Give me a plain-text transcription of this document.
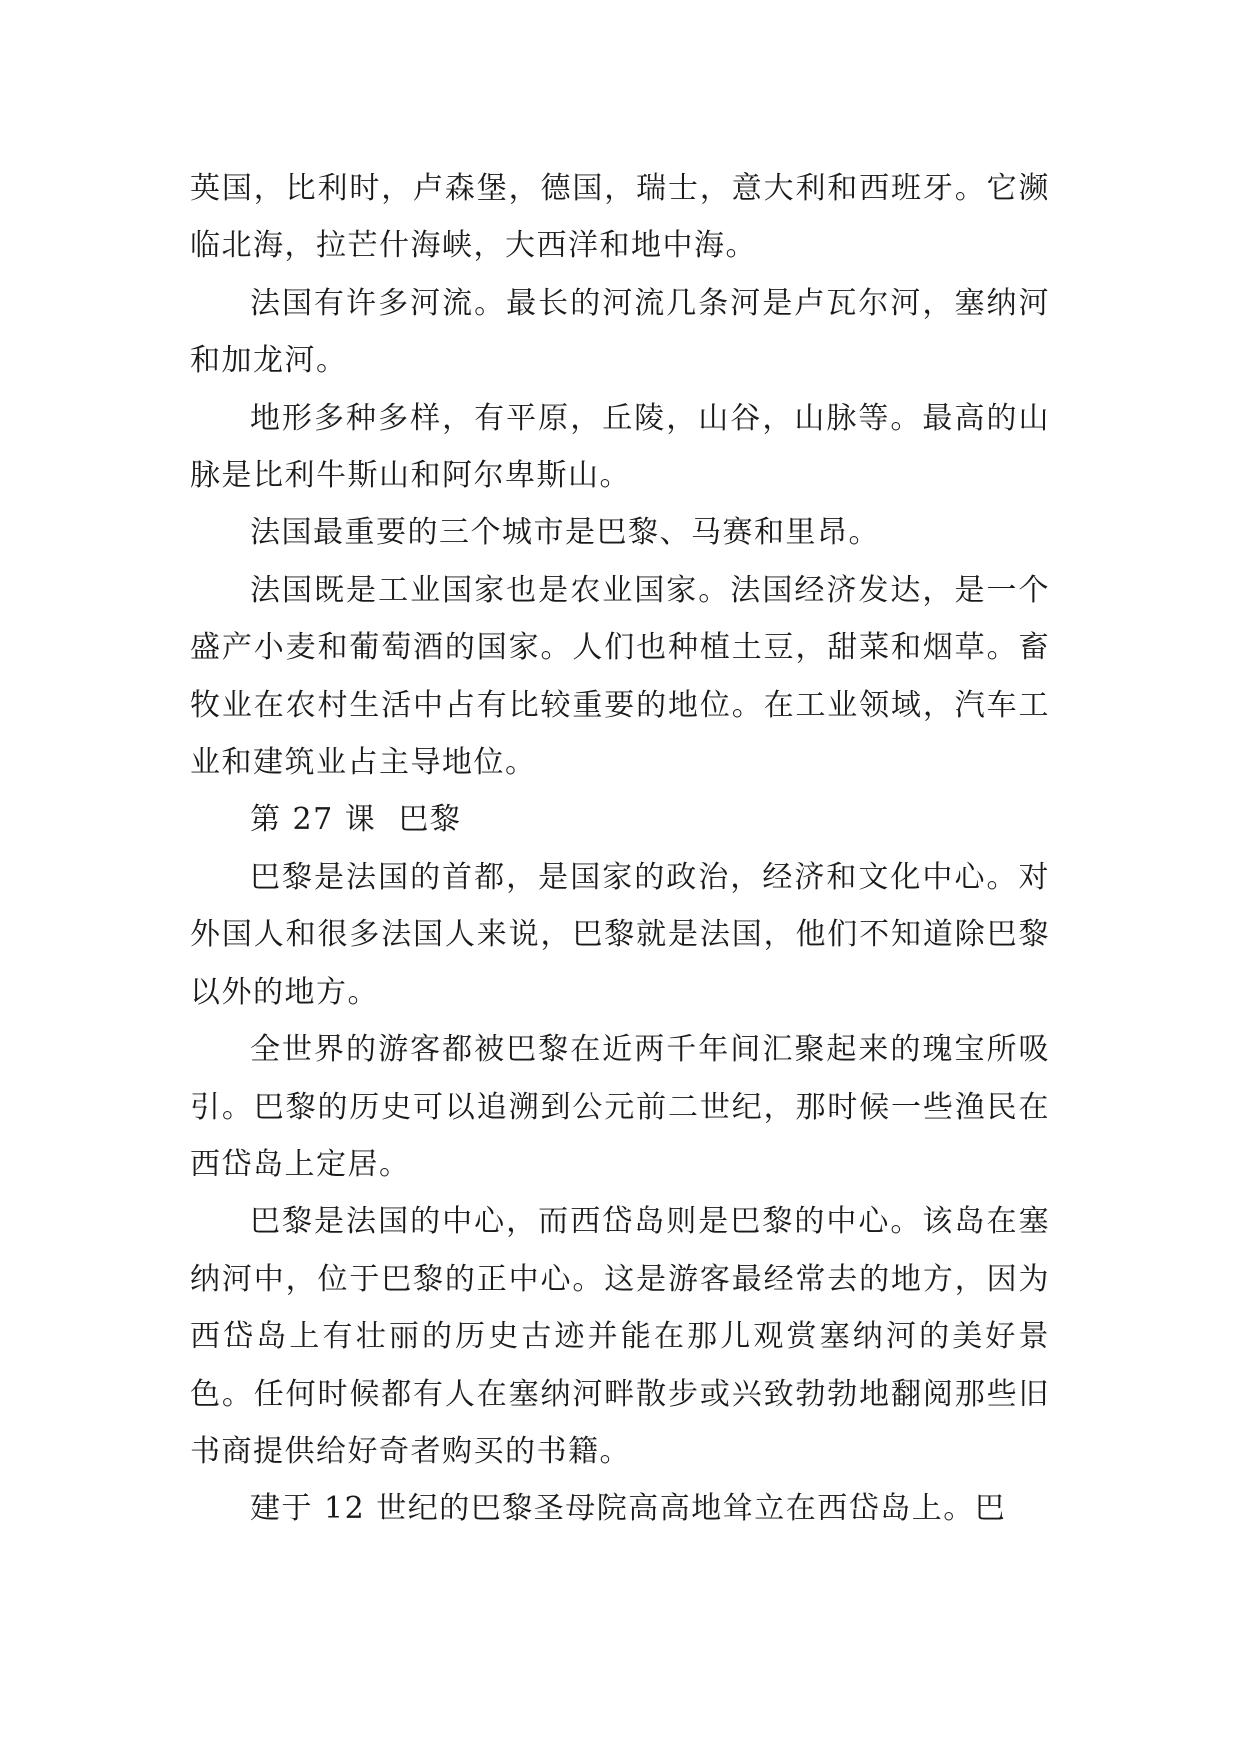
英国，比利时，卢森堡，德国，瑞士，意大利和西班牙。它濒临北海，拉芒什海峡，大西洋和地中海。

法国有许多河流。最长的河流几条河是卢瓦尔河，塞纳河和加龙河。

地形多种多样，有平原，丘陵，山谷，山脉等。最高的山脉是比利牛斯山和阿尔卑斯山。

法国最重要的三个城市是巴黎、马赛和里昂。

法国既是工业国家也是农业国家。法国经济发达，是一个盛产小麦和葡萄酒的国家。人们也种植土豆，甜菜和烟草。畜牧业在农村生活中占有比较重要的地位。在工业领域，汽车工业和建筑业占主导地位。

第 27 课  巴黎

巴黎是法国的首都，是国家的政治，经济和文化中心。对外国人和很多法国人来说，巴黎就是法国，他们不知道除巴黎以外的地方。

全世界的游客都被巴黎在近两千年间汇聚起来的瑰宝所吸引。巴黎的历史可以追溯到公元前二世纪，那时候一些渔民在西岱岛上定居。

巴黎是法国的中心，而西岱岛则是巴黎的中心。该岛在塞纳河中，位于巴黎的正中心。这是游客最经常去的地方，因为西岱岛上有壮丽的历史古迹并能在那儿观赏塞纳河的美好景色。任何时候都有人在塞纳河畔散步或兴致勃勃地翻阅那些旧书商提供给好奇者购买的书籍。

建于 12 世纪的巴黎圣母院高高地耸立在西岱岛上。巴
